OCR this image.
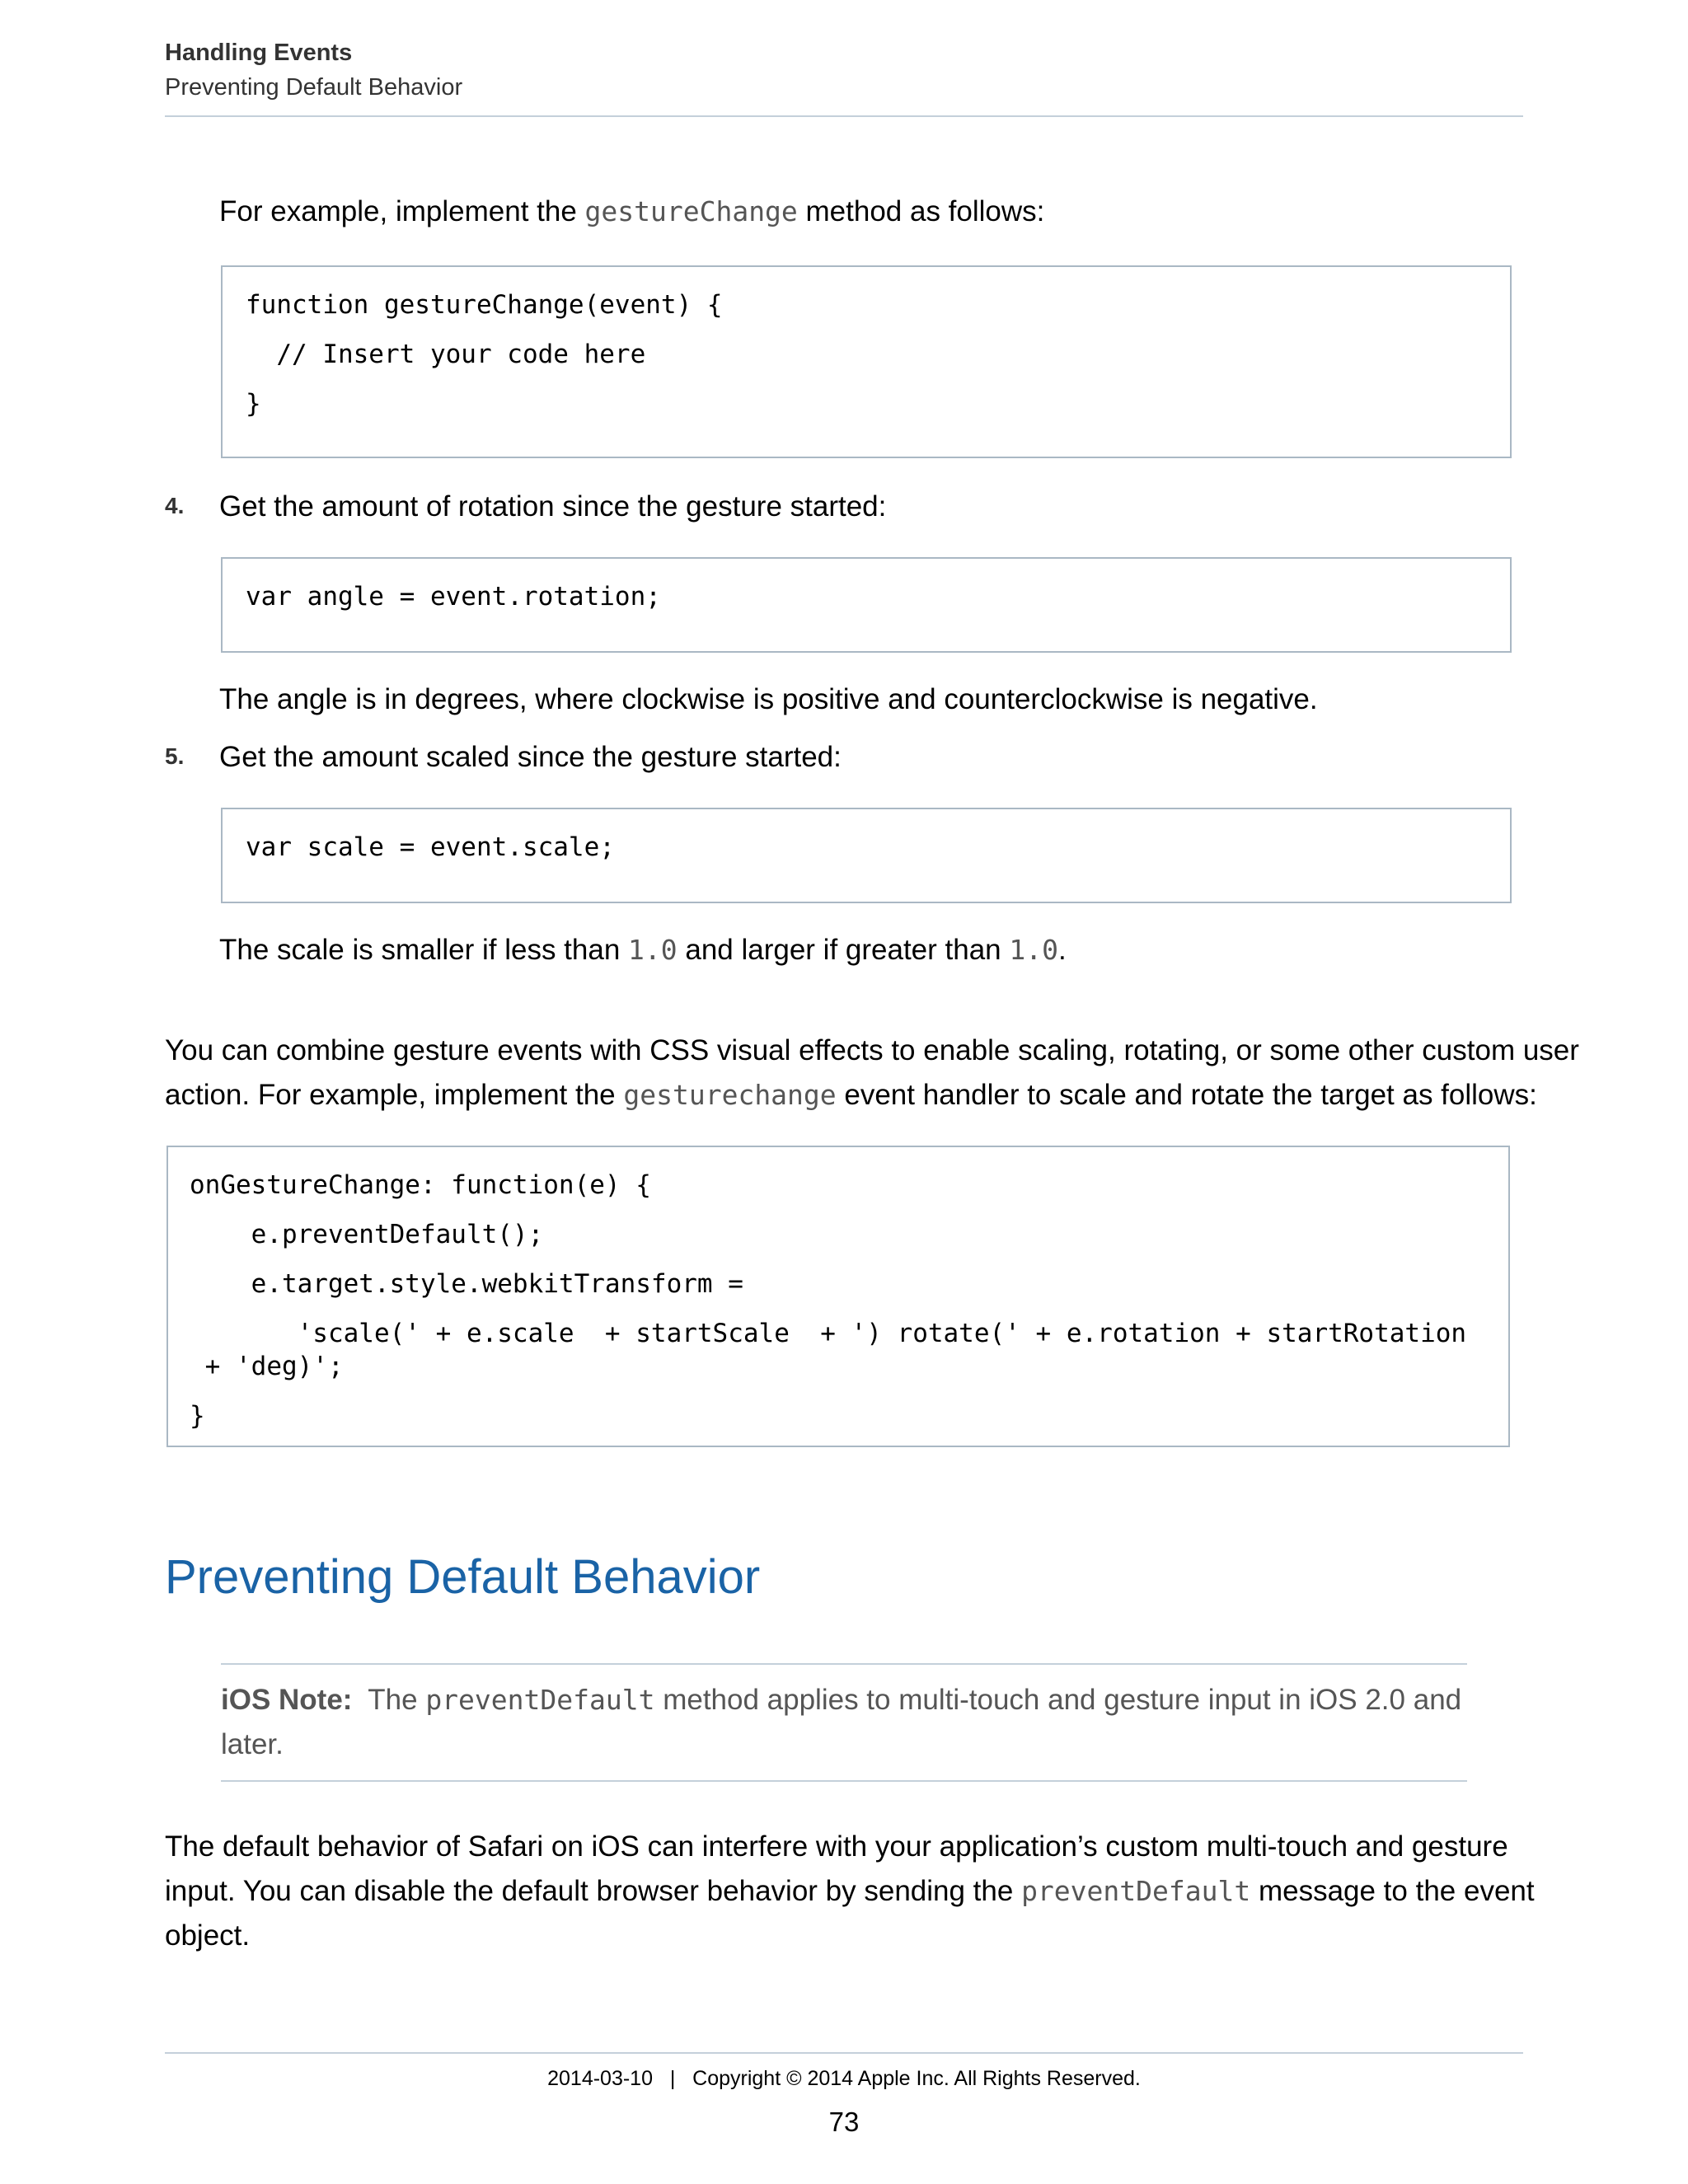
Handling Events
Preventing Default Behavior
For example, implement the gestureChange method as follows:
function gestureChange(event) {
// Insert your code here
}
4. Get the amount of rotation since the gesture started:
var angle = event.rotation;
The angle is in degrees, where clockwise is positive and counterclockwise is negative.
5. Get the amount scaled since the gesture started:
var scale = event.scale;
The scale is smaller if less than 1.0 and larger if greater than 1.0.
You can combine gesture events with CSS visual effects to enable scaling, rotating, or some other custom user
action. For example, implement the gesturechange event handler to scale and rotate the target as follows:
onGestureChange: function(e) {
e.preventDefault();
e.target.style.webkitTransform =
'scale(' + e.scale  + startScale  + ') rotate(' + e.rotation + startRotation
+ 'deg)';
}
Preventing Default Behavior
iOS Note:  The preventDefault method applies to multi-touch and gesture input in iOS 2.0 and later.
The default behavior of Safari on iOS can interfere with your application’s custom multi-touch and gesture
input. You can disable the default browser behavior by sending the preventDefault message to the event
object.
2014-03-10   |   Copyright © 2014 Apple Inc. All Rights Reserved.
73
